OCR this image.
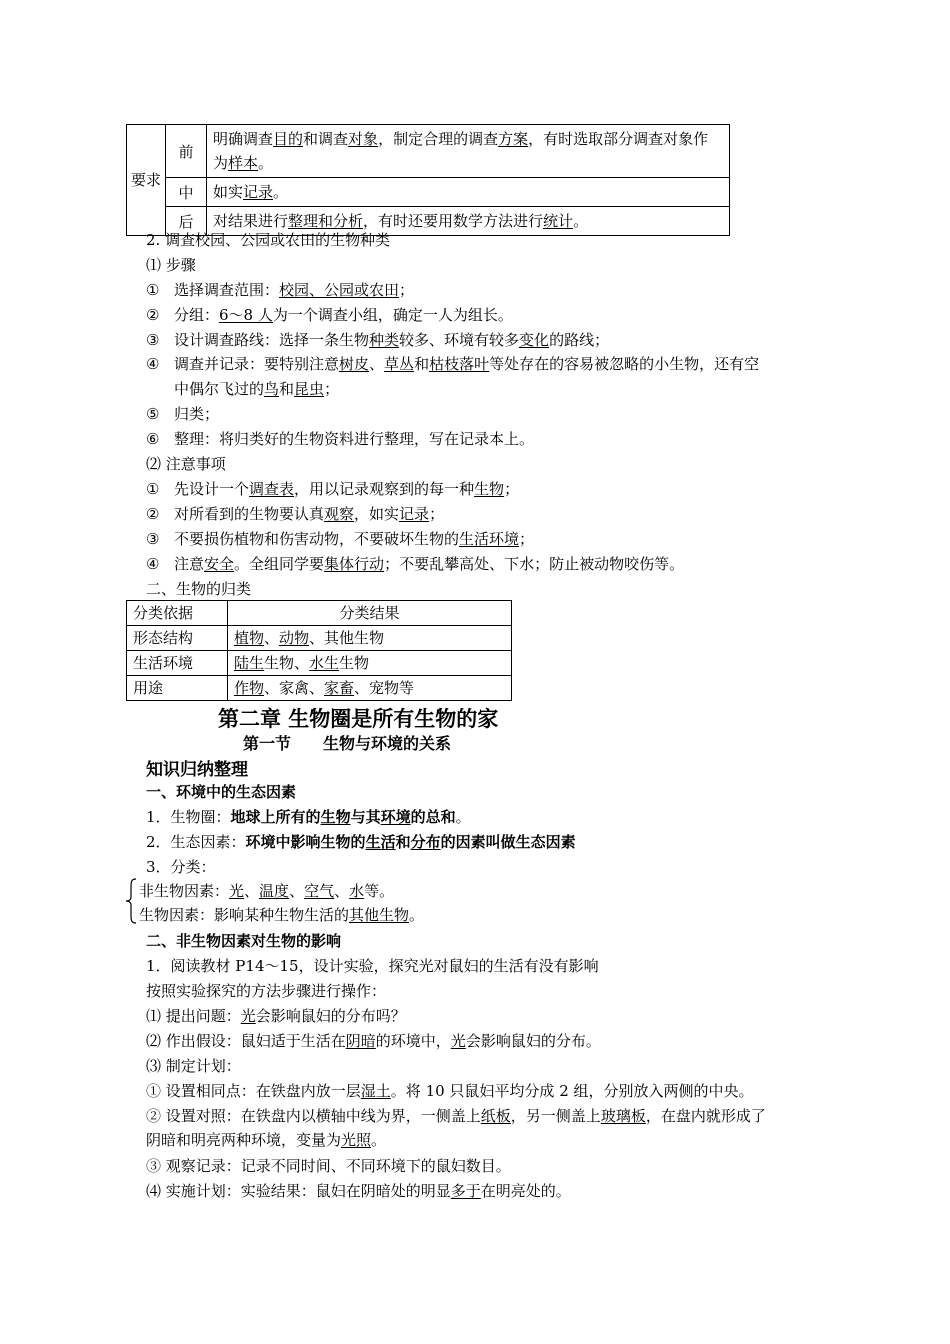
要求	前	明确调查目的和调查对象，制定合理的调查方案，有时选取部分调查对象作为样本。
	中	如实记录。
	后	对结果进行整理和分析，有时还要用数学方法进行统计。
2. 调查校园、公园或农田的生物种类
⑴ 步骤
① 选择调查范围：校园、公园或农田；
② 分组：6～8 人为一个调查小组，确定一人为组长。
③ 设计调查路线：选择一条生物种类较多、环境有较多变化的路线；
④ 调查并记录：要特别注意树皮、草丛和枯枝落叶等处存在的容易被忽略的小生物，还有空
中偶尔飞过的鸟和昆虫；
⑤ 归类；
⑥ 整理：将归类好的生物资料进行整理，写在记录本上。
⑵ 注意事项
① 先设计一个调查表，用以记录观察到的每一种生物；
② 对所看到的生物要认真观察，如实记录；
③ 不要损伤植物和伤害动物，不要破坏生物的生活环境；
④ 注意安全。全组同学要集体行动；不要乱攀高处、下水；防止被动物咬伤等。
二、生物的归类
分类依据	分类结果
形态结构	植物、动物、其他生物
生活环境	陆生生物、水生生物
用途	作物、家禽、家畜、宠物等
第二章 生物圈是所有生物的家
第一节　　生物与环境的关系
知识归纳整理
一、环境中的生态因素
1．生物圈：地球上所有的生物与其环境的总和。
2．生态因素：环境中影响生物的生活和分布的因素叫做生态因素
3．分类：
非生物因素：光、温度、空气、水等。
生物因素：影响某种生物生活的其他生物。
二、非生物因素对生物的影响
1．阅读教材 P14～15，设计实验，探究光对鼠妇的生活有没有影响
按照实验探究的方法步骤进行操作：
⑴ 提出问题：光会影响鼠妇的分布吗？
⑵ 作出假设：鼠妇适于生活在阴暗的环境中，光会影响鼠妇的分布。
⑶ 制定计划：
① 设置相同点：在铁盘内放一层湿土。将 10 只鼠妇平均分成 2 组，分别放入两侧的中央。
② 设置对照：在铁盘内以横轴中线为界，一侧盖上纸板，另一侧盖上玻璃板，在盘内就形成了
阴暗和明亮两种环境，变量为光照。
③ 观察记录：记录不同时间、不同环境下的鼠妇数目。
⑷ 实施计划：实验结果：鼠妇在阴暗处的明显多于在明亮处的。
